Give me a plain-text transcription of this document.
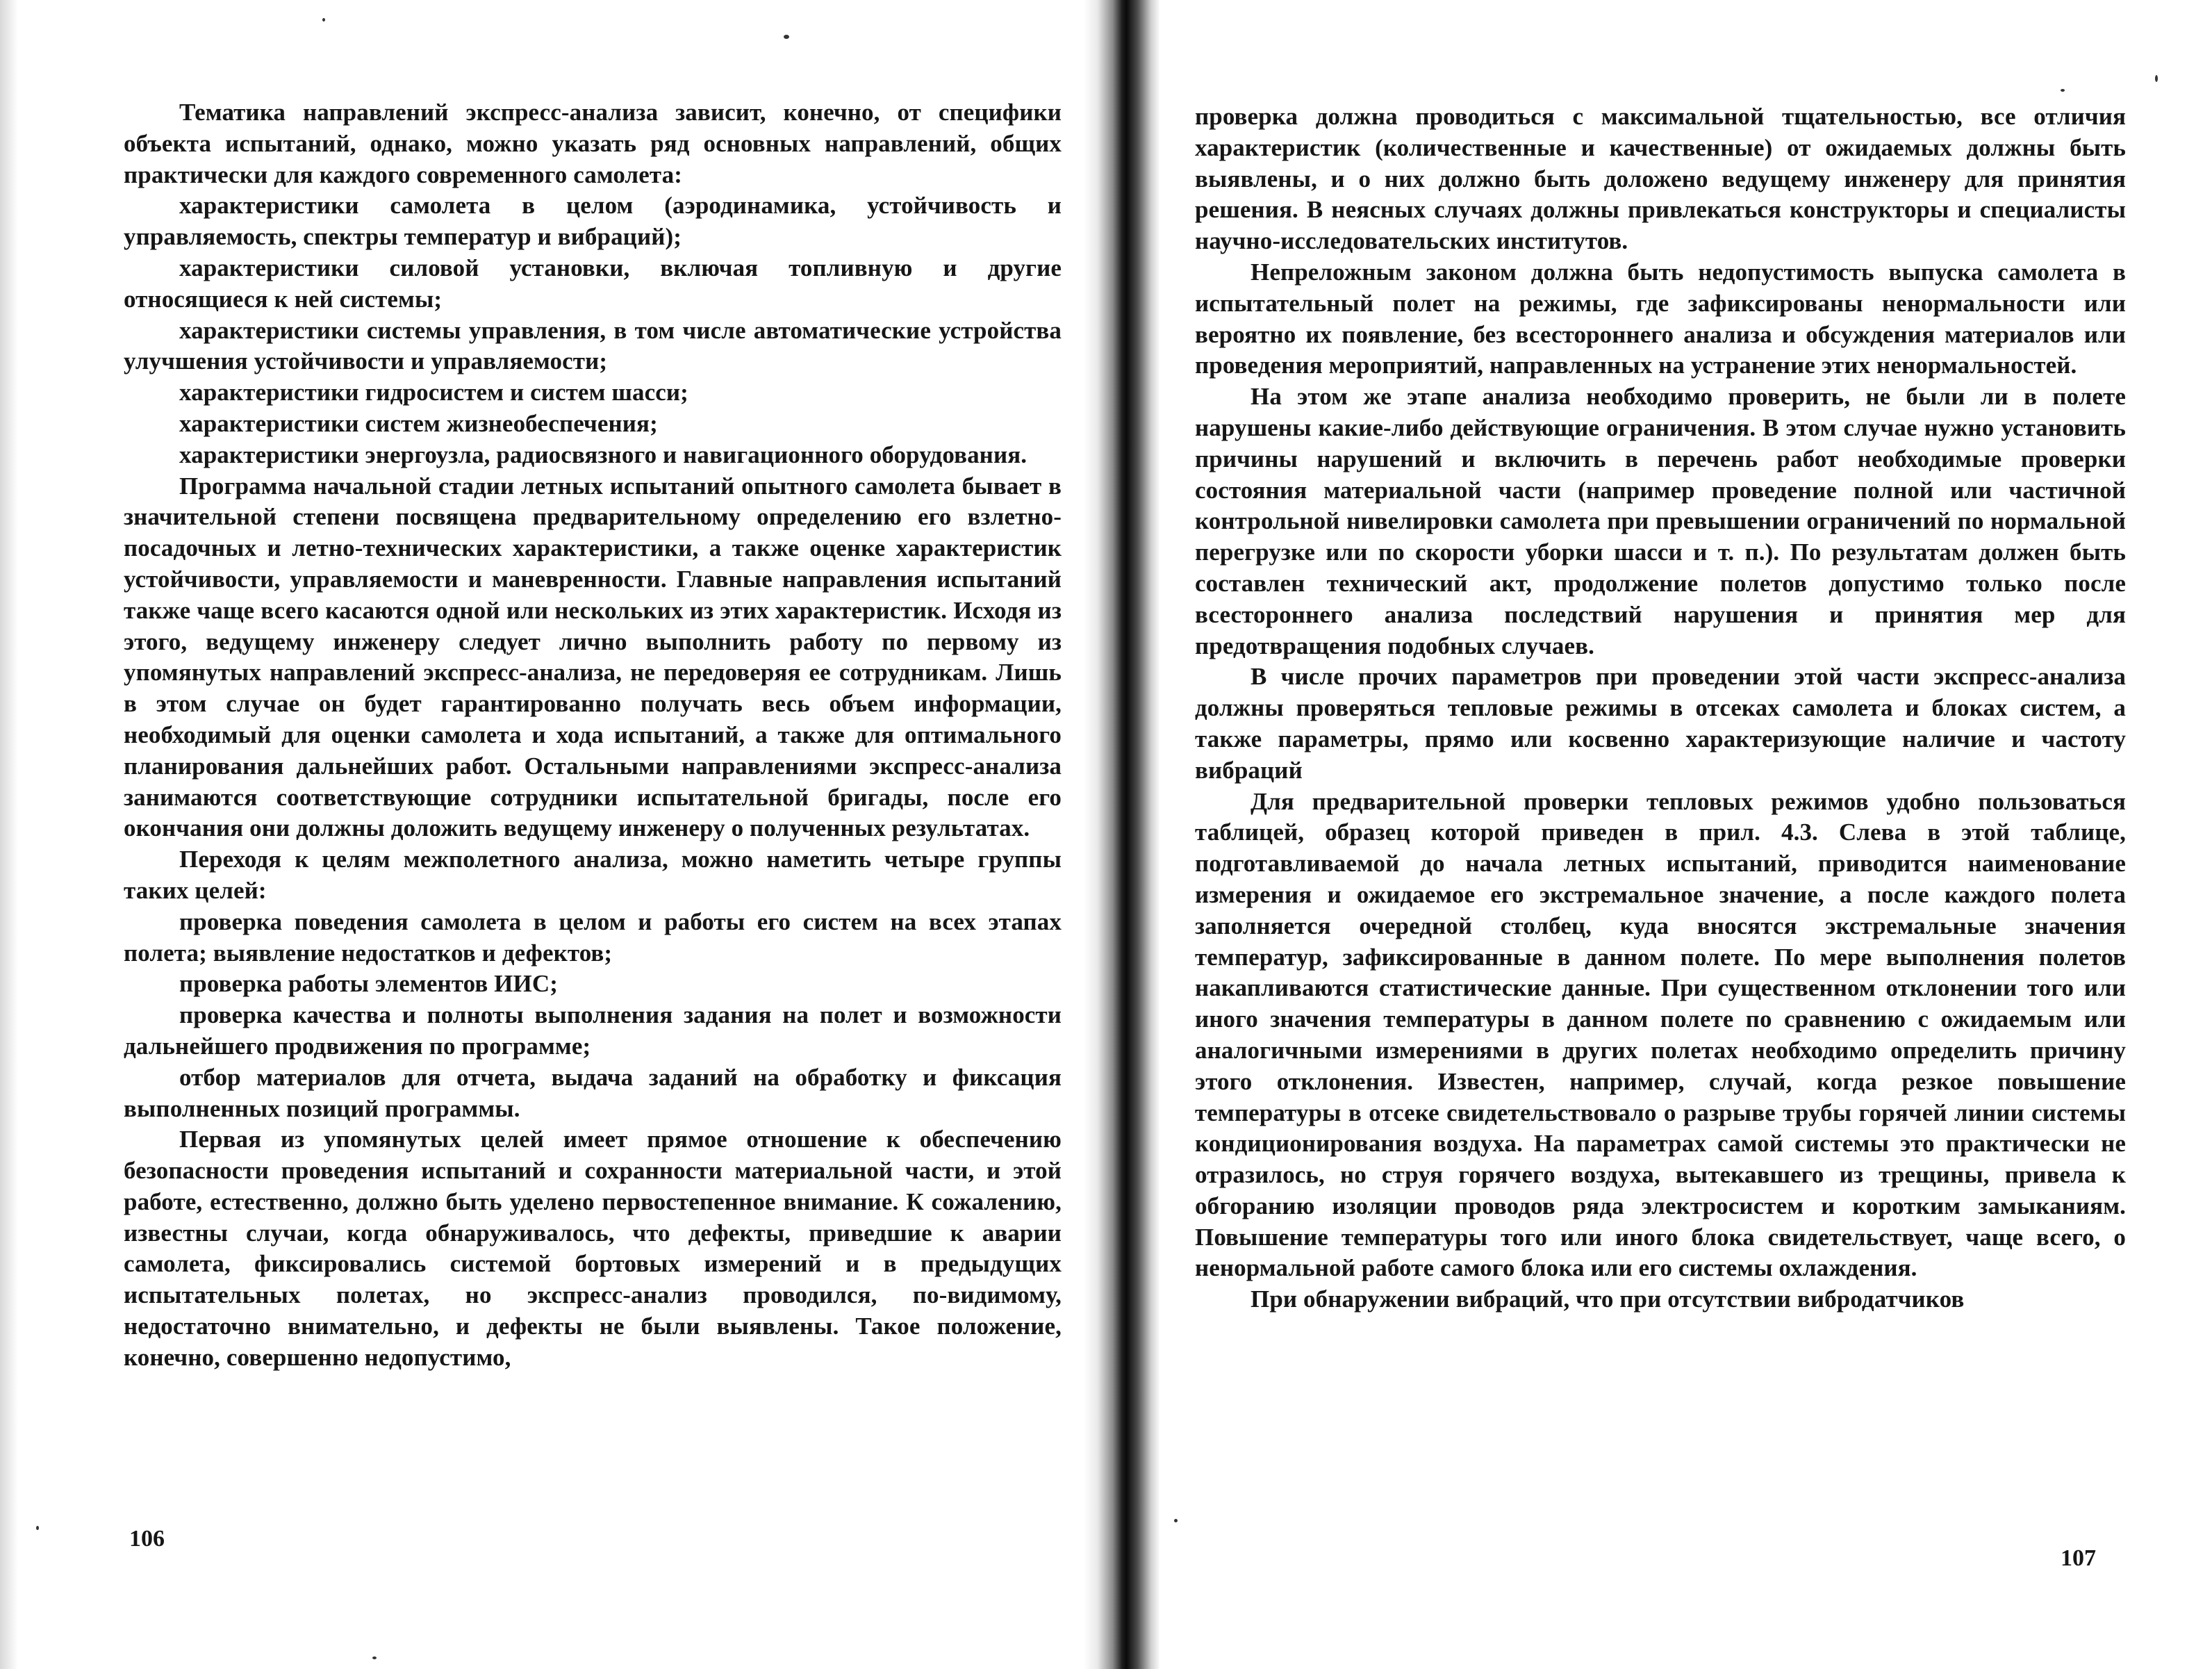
Тематика направлений экспресс-анализа зависит, конечно, от специфики объекта испытаний, однако, можно указать ряд основных направлений, общих практически для каждого современного самолета:

характеристики самолета в целом (аэродинамика, устойчивость и управляемость, спектры температур и вибраций);

характеристики силовой установки, включая топливную и другие относящиеся к ней системы;

характеристики системы управления, в том числе автоматические устройства улучшения устойчивости и управляемости;

характеристики гидросистем и систем шасси;

характеристики систем жизнеобеспечения;

характеристики энергоузла, радиосвязного и навигационного оборудования.

Программа начальной стадии летных испытаний опытного самолета бывает в значительной степени посвящена предварительному определению его взлетно-посадочных и летно-технических характеристики, а также оценке характеристик устойчивости, управляемости и маневренности. Главные направления испытаний также чаще всего касаются одной или нескольких из этих характеристик. Исходя из этого, ведущему инженеру следует лично выполнить работу по первому из упомянутых направлений экспресс-анализа, не передоверяя ее сотрудникам. Лишь в этом случае он будет гарантированно получать весь объем информации, необходимый для оценки самолета и хода испытаний, а также для оптимального планирования дальнейших работ. Остальными направлениями экспресс-анализа занимаются соответствующие сотрудники испытательной бригады, после его окончания они должны доложить ведущему инженеру о полученных результатах.

Переходя к целям межполетного анализа, можно наметить четыре группы таких целей:

проверка поведения самолета в целом и работы его систем на всех этапах полета; выявление недостатков и дефектов;

проверка работы элементов ИИС;

проверка качества и полноты выполнения задания на полет и возможности дальнейшего продвижения по программе;

отбор материалов для отчета, выдача заданий на обработку и фиксация выполненных позиций программы.

Первая из упомянутых целей имеет прямое отношение к обеспечению безопасности проведения испытаний и сохранности материальной части, и этой работе, естественно, должно быть уделено первостепенное внимание. К сожалению, известны случаи, когда обнаруживалось, что дефекты, приведшие к аварии самолета, фиксировались системой бортовых измерений и в предыдущих испытательных полетах, но экспресс-анализ проводился, по-видимому, недостаточно внимательно, и дефекты не были выявлены. Такое положение, конечно, совершенно недопустимо,

106

проверка должна проводиться с максимальной тщательностью, все отличия характеристик (количественные и качественные) от ожидаемых должны быть выявлены, и о них должно быть доложено ведущему инженеру для принятия решения. В неясных случаях должны привлекаться конструкторы и специалисты научно-исследовательских институтов.

Непреложным законом должна быть недопустимость выпуска самолета в испытательный полет на режимы, где зафиксированы ненормальности или вероятно их появление, без всестороннего анализа и обсуждения материалов или проведения мероприятий, направленных на устранение этих ненормальностей.

На этом же этапе анализа необходимо проверить, не были ли в полете нарушены какие-либо действующие ограничения. В этом случае нужно установить причины нарушений и включить в перечень работ необходимые проверки состояния материальной части (например проведение полной или частичной контрольной нивелировки самолета при превышении ограничений по нормальной перегрузке или по скорости уборки шасси и т. п.). По результатам должен быть составлен технический акт, продолжение полетов допустимо только после всестороннего анализа последствий нарушения и принятия мер для предотвращения подобных случаев.

В числе прочих параметров при проведении этой части экспресс-анализа должны проверяться тепловые режимы в отсеках самолета и блоках систем, а также параметры, прямо или косвенно характеризующие наличие и частоту вибраций

Для предварительной проверки тепловых режимов удобно пользоваться таблицей, образец которой приведен в прил. 4.3. Слева в этой таблице, подготавливаемой до начала летных испытаний, приводится наименование измерения и ожидаемое его экстремальное значение, а после каждого полета заполняется очередной столбец, куда вносятся экстремальные значения температур, зафиксированные в данном полете. По мере выполнения полетов накапливаются статистические данные. При существенном отклонении того или иного значения температуры в данном полете по сравнению с ожидаемым или аналогичными измерениями в других полетах необходимо определить причину этого отклонения. Известен, например, случай, когда резкое повышение температуры в отсеке свидетельствовало о разрыве трубы горячей линии системы кондиционирования воздуха. На параметрах самой системы это практически не отразилось, но струя горячего воздуха, вытекавшего из трещины, привела к обгоранию изоляции проводов ряда электросистем и коротким замыканиям. Повышение температуры того или иного блока свидетельствует, чаще всего, о ненормальной работе самого блока или его системы охлаждения.

При обнаружении вибраций, что при отсутствии вибродатчиков

107
